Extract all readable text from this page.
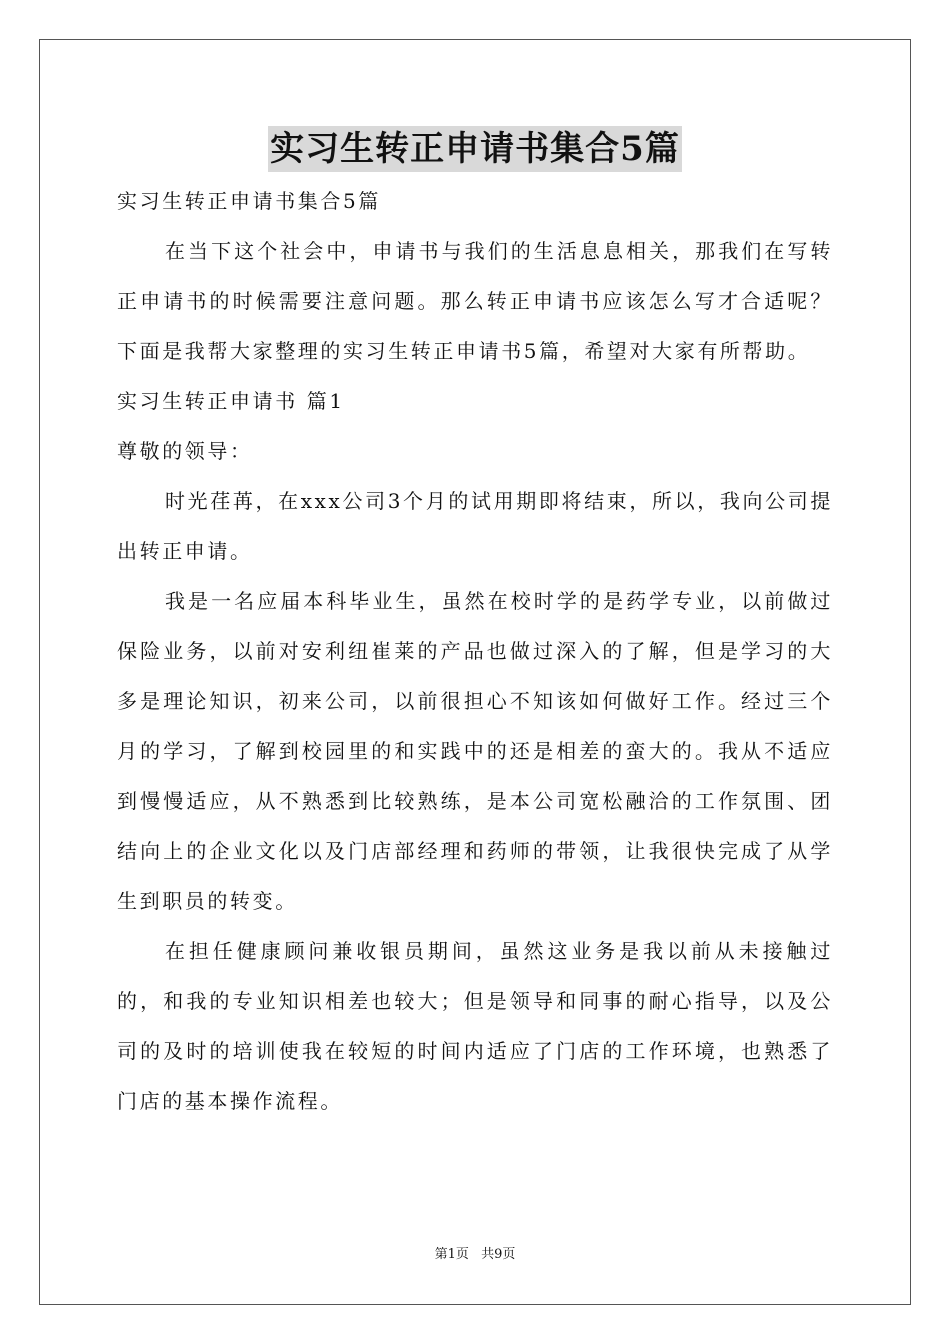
实习生转正申请书集合5篇

实习生转正申请书集合5篇

在当下这个社会中，申请书与我们的生活息息相关，那我们在写转正申请书的时候需要注意问题。那么转正申请书应该怎么写才合适呢？下面是我帮大家整理的实习生转正申请书5篇，希望对大家有所帮助。

实习生转正申请书 篇1

尊敬的领导：

时光荏苒，在xxx公司3个月的试用期即将结束，所以，我向公司提出转正申请。

我是一名应届本科毕业生，虽然在校时学的是药学专业，以前做过保险业务，以前对安利纽崔莱的产品也做过深入的了解，但是学习的大多是理论知识，初来公司，以前很担心不知该如何做好工作。经过三个月的学习，了解到校园里的和实践中的还是相差的蛮大的。我从不适应到慢慢适应，从不熟悉到比较熟练，是本公司宽松融洽的工作氛围、团结向上的企业文化以及门店部经理和药师的带领，让我很快完成了从学生到职员的转变。

在担任健康顾问兼收银员期间，虽然这业务是我以前从未接触过的，和我的专业知识相差也较大；但是领导和同事的耐心指导，以及公司的及时的培训使我在较短的时间内适应了门店的工作环境，也熟悉了门店的基本操作流程。

第1页 共9页
